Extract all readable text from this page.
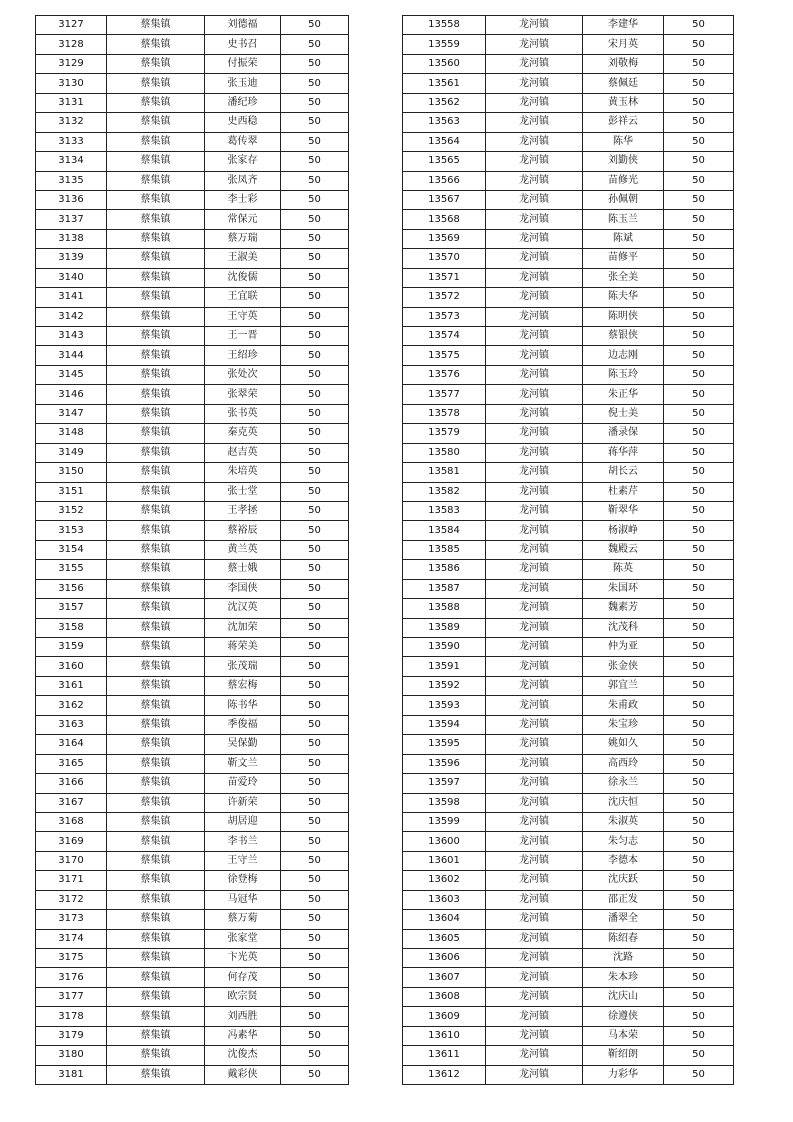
3127	蔡集镇	刘德福	50
3128	蔡集镇	史书召	50
3129	蔡集镇	付振荣	50
3130	蔡集镇	张玉迪	50
3131	蔡集镇	潘纪珍	50
3132	蔡集镇	史西稳	50
3133	蔡集镇	葛传翠	50
3134	蔡集镇	张家存	50
3135	蔡集镇	张凤齐	50
3136	蔡集镇	李士彩	50
3137	蔡集镇	常保元	50
3138	蔡集镇	蔡万瑞	50
3139	蔡集镇	王淑美	50
3140	蔡集镇	沈俊儒	50
3141	蔡集镇	王宜联	50
3142	蔡集镇	王守英	50
3143	蔡集镇	王一晋	50
3144	蔡集镇	王绍珍	50
3145	蔡集镇	张处次	50
3146	蔡集镇	张翠荣	50
3147	蔡集镇	张书英	50
3148	蔡集镇	秦克英	50
3149	蔡集镇	赵吉英	50
3150	蔡集镇	朱培英	50
3151	蔡集镇	张士堂	50
3152	蔡集镇	王孝拯	50
3153	蔡集镇	蔡裕辰	50
3154	蔡集镇	黄兰英	50
3155	蔡集镇	蔡士娥	50
3156	蔡集镇	李国侠	50
3157	蔡集镇	沈汉英	50
3158	蔡集镇	沈加荣	50
3159	蔡集镇	蒋荣美	50
3160	蔡集镇	张茂瑞	50
3161	蔡集镇	蔡宏梅	50
3162	蔡集镇	陈书华	50
3163	蔡集镇	季俊福	50
3164	蔡集镇	吴保勤	50
3165	蔡集镇	靳文兰	50
3166	蔡集镇	苗爱玲	50
3167	蔡集镇	许新荣	50
3168	蔡集镇	胡居迎	50
3169	蔡集镇	李书兰	50
3170	蔡集镇	王守兰	50
3171	蔡集镇	徐登梅	50
3172	蔡集镇	马冠华	50
3173	蔡集镇	蔡万菊	50
3174	蔡集镇	张家堂	50
3175	蔡集镇	卞光英	50
3176	蔡集镇	何存茂	50
3177	蔡集镇	欧宗贤	50
3178	蔡集镇	刘西胜	50
3179	蔡集镇	冯素华	50
3180	蔡集镇	沈俊杰	50
3181	蔡集镇	戴彩侠	50
13558	龙河镇	李建华	50
13559	龙河镇	宋月英	50
13560	龙河镇	刘敬梅	50
13561	龙河镇	蔡佩廷	50
13562	龙河镇	黄玉林	50
13563	龙河镇	彭祥云	50
13564	龙河镇	陈华	50
13565	龙河镇	刘勤侠	50
13566	龙河镇	苗修光	50
13567	龙河镇	孙佩朝	50
13568	龙河镇	陈玉兰	50
13569	龙河镇	陈斌	50
13570	龙河镇	苗修平	50
13571	龙河镇	张全美	50
13572	龙河镇	陈夫华	50
13573	龙河镇	陈明侠	50
13574	龙河镇	蔡银侠	50
13575	龙河镇	边志刚	50
13576	龙河镇	陈玉玲	50
13577	龙河镇	朱正华	50
13578	龙河镇	倪士美	50
13579	龙河镇	潘录保	50
13580	龙河镇	蒋华萍	50
13581	龙河镇	胡长云	50
13582	龙河镇	杜素芹	50
13583	龙河镇	靳翠华	50
13584	龙河镇	杨淑峥	50
13585	龙河镇	魏殿云	50
13586	龙河镇	陈英	50
13587	龙河镇	朱国环	50
13588	龙河镇	魏素芳	50
13589	龙河镇	沈茂科	50
13590	龙河镇	仲为亚	50
13591	龙河镇	张金侠	50
13592	龙河镇	郭宜兰	50
13593	龙河镇	朱甫政	50
13594	龙河镇	朱宝珍	50
13595	龙河镇	姚如久	50
13596	龙河镇	高西玲	50
13597	龙河镇	徐永兰	50
13598	龙河镇	沈庆恒	50
13599	龙河镇	朱淑英	50
13600	龙河镇	朱匀志	50
13601	龙河镇	李德本	50
13602	龙河镇	沈庆跃	50
13603	龙河镇	邵正发	50
13604	龙河镇	潘翠全	50
13605	龙河镇	陈绍春	50
13606	龙河镇	沈路	50
13607	龙河镇	朱本珍	50
13608	龙河镇	沈庆山	50
13609	龙河镇	徐遵侠	50
13610	龙河镇	马本荣	50
13611	龙河镇	靳绍朗	50
13612	龙河镇	力彩华	50
